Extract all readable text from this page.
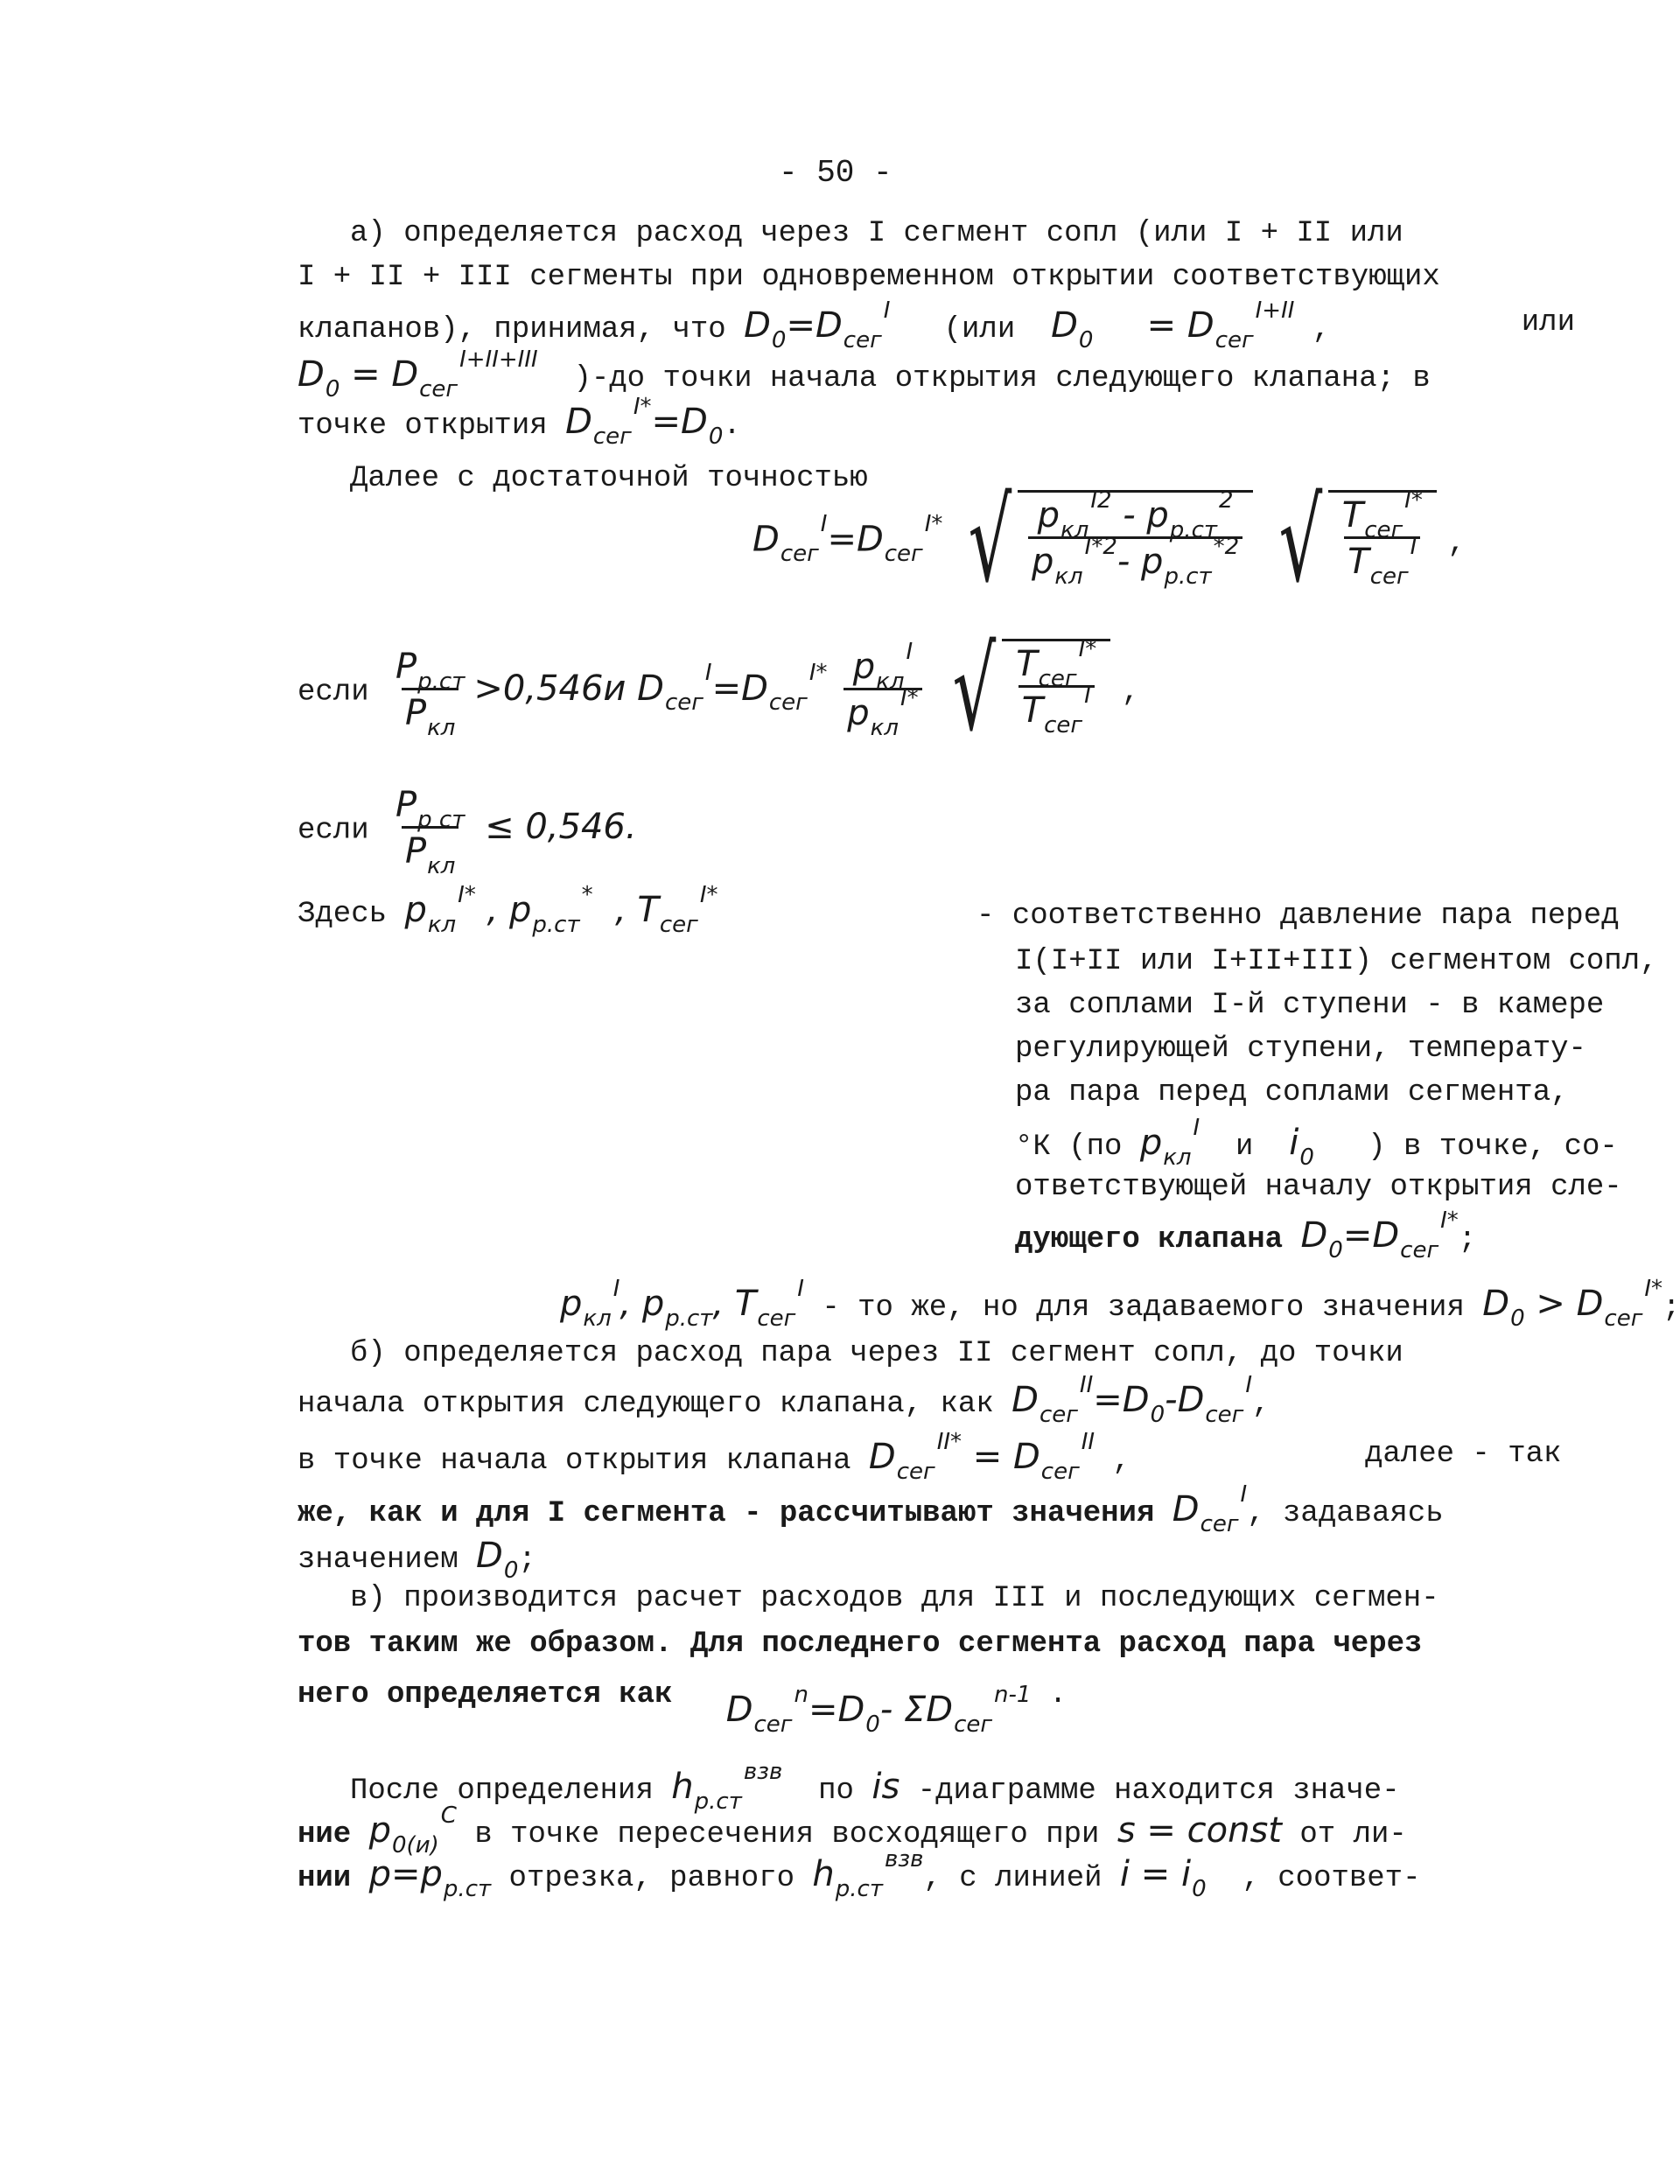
- 50 -
а) определяется расход через I сегмент сопл (или I + II или
I + II + III сегменты при одновременном открытии соответствующих
клапанов), принимая, что $D_0=D_{сег}^I$   (или $D_0 = D_{сег}^{I+II}$ ,	или
$D_0 = D_{сег}^{I+II+III}$  )-до точки начала открытия следующего клапана; в
точке открытия $D_{сег}^{I*}=D_0$.
Далее с достаточной точностью
$D_{сег}^I=D_{сег}^{I*}$ √ $\frac{p_{кл}^{I2} - p_{р.ст}^2}{p_{кл}^{I*2}- p_{р.ст}^{*2}}$
√ $\frac{T_{сег}^{I*}}{T_{сег}^I}$ ,
если $\frac{P_{р.ст}}{P_{кл}} >0,546и$ $D_{сег}^I=D_{сег}^{I*} \frac{p_{кл}^I}{p_{кл}^{I*}}$
√ $\frac{T_{сег}^{I*}}{T_{сег}^I}$ ,
если $\frac{P_{р ст}}{P_{кл}} \le 0,546$.
Здесь $p_{кл}^{I*}$ , $p_{р.ст}^*$  , $T_{сег}^{I*}$
- соответственно давление пара перед
I(I+II или I+II+III) сегментом сопл,
за соплами I-й ступени - в камере
регулирующей ступени, температу-
ра пара перед соплами сегмента,
°К (по $p_{кл}^I$  и $i_0$ ) в точке, со-
ответствующей началу открытия сле-
дующего клапана $D_0=D_{сег}^{I*}$;
$p_{кл}^I$, $p_{р.ст}$, $T_{сег}^I$ - то же, но для задаваемого значения $D_0 > D_{сег}^{I*}$;
б) определяется расход пара через II сегмент сопл, до точки
начала открытия следующего клапана, как $D_{сег}^{II}=D_0-D_{сег}^I$,
в точке начала открытия клапана $D_{сег}^{II*} = D_{сег}^{II}$ ,	далее - так
же, как и для I сегмента - рассчитывают значения $D_{сег}^I$, задаваясь
значением $D_0$;
в) производится расчет расходов для III и последующих сегмен-
тов таким же образом. Для последнего сегмента расход пара через
него определяется как $D_{сег}^n=D_0-$ $\Sigma D_{сег}^{n-1}$ .
После определения $h_{р.ст}^{взв}$  по is -диаграмме находится значе-
ние $p_{0(и)}^C$ в точке пересечения восходящего при s = const от ли-
нии $p=p_{р.ст}$ отрезка, равного $h_{р.ст}^{взв}$, с линией $i = i_0$ , соответ-
